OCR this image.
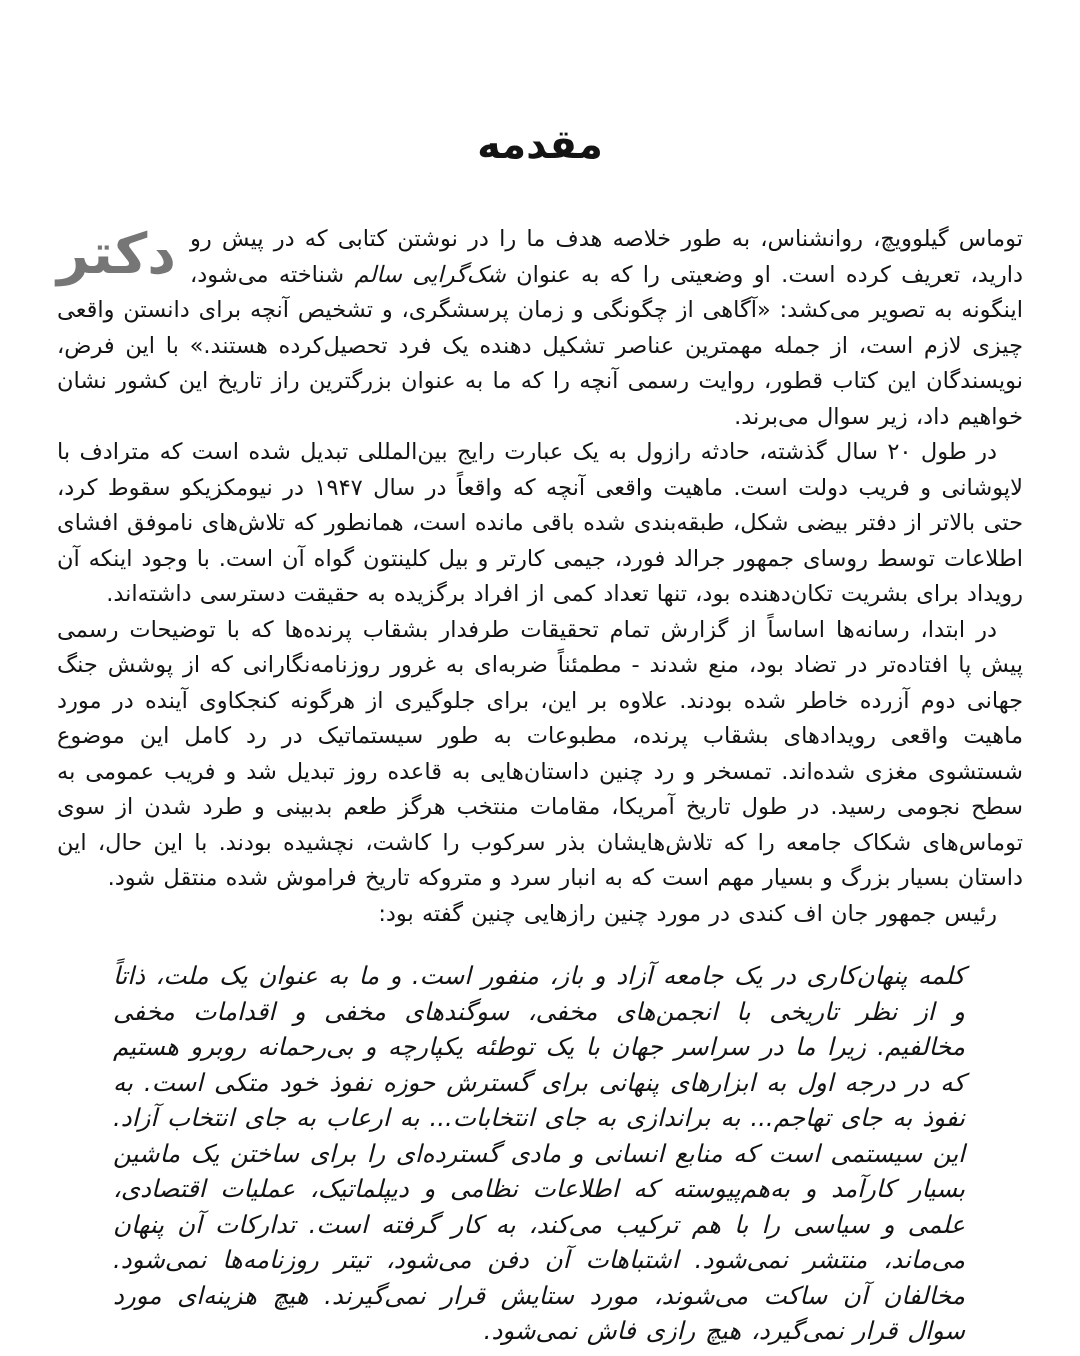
مقدمه

دکتر توماس گیلوویچ، روانشناس، به طور خلاصه هدف ما را در نوشتن کتابی که در پیش رو دارید، تعریف کرده است. او وضعیتی را که به عنوان شک‌گرایی سالم شناخته می‌شود، اینگونه به تصویر می‌کشد: «آگاهی از چگونگی و زمان پرسشگری، و تشخیص آنچه برای دانستن واقعی چیزی لازم است، از جمله مهمترین عناصر تشکیل دهنده یک فرد تحصیل‌کرده هستند.» با این فرض، نویسندگان این کتاب قطور، روایت رسمی آنچه را که ما به عنوان بزرگترین راز تاریخ این کشور نشان خواهیم داد، زیر سوال می‌برند.

در طول ۲۰ سال گذشته، حادثه رازول به یک عبارت رایج بین‌المللی تبدیل شده است که مترادف با لاپوشانی و فریب دولت است. ماهیت واقعی آنچه که واقعاً در سال ۱۹۴۷ در نیومکزیکو سقوط کرد، حتی بالاتر از دفتر بیضی شکل، طبقه‌بندی شده باقی مانده است، همانطور که تلاش‌های ناموفق افشای اطلاعات توسط روسای جمهور جرالد فورد، جیمی کارتر و بیل کلینتون گواه آن است. با وجود اینکه آن رویداد برای بشریت تکان‌دهنده بود، تنها تعداد کمی از افراد برگزیده به حقیقت دسترسی داشته‌اند.

در ابتدا، رسانه‌ها اساساً از گزارش تمام تحقیقات طرفدار بشقاب پرنده‌ها که با توضیحات رسمی پیش پا افتاده‌تر در تضاد بود، منع شدند - مطمئناً ضربه‌ای به غرور روزنامه‌نگارانی که از پوشش جنگ جهانی دوم آزرده خاطر شده بودند. علاوه بر این، برای جلوگیری از هرگونه کنجکاوی آینده در مورد ماهیت واقعی رویدادهای بشقاب پرنده، مطبوعات به طور سیستماتیک در رد کامل این موضوع شستشوی مغزی شده‌اند. تمسخر و رد چنین داستان‌هایی به قاعده روز تبدیل شد و فریب عمومی به سطح نجومی رسید. در طول تاریخ آمریکا، مقامات منتخب هرگز طعم بدبینی و طرد شدن از سوی توماس‌های شکاک جامعه را که تلاش‌هایشان بذر سرکوب را کاشت، نچشیده بودند. با این حال، این داستان بسیار بزرگ و بسیار مهم است که به انبار سرد و متروکه تاریخ فراموش شده منتقل شود.

رئیس جمهور جان اف کندی در مورد چنین رازهایی چنین گفته بود:

کلمه پنهان‌کاری در یک جامعه آزاد و باز، منفور است. و ما به عنوان یک ملت، ذاتاً و از نظر تاریخی با انجمن‌های مخفی، سوگندهای مخفی و اقدامات مخفی مخالفیم. زیرا ما در سراسر جهان با یک توطئه یکپارچه و بی‌رحمانه روبرو هستیم که در درجه اول به ابزارهای پنهانی برای گسترش حوزه نفوذ خود متکی است. به نفوذ به جای تهاجم... به براندازی به جای انتخابات... به ارعاب به جای انتخاب آزاد. این سیستمی است که منابع انسانی و مادی گسترده‌ای را برای ساختن یک ماشین بسیار کارآمد و به‌هم‌پیوسته که اطلاعات نظامی و دیپلماتیک، عملیات اقتصادی، علمی و سیاسی را با هم ترکیب می‌کند، به کار گرفته است. تدارکات آن پنهان می‌ماند، منتشر نمی‌شود. اشتباهات آن دفن می‌شود، تیتر روزنامه‌ها نمی‌شود. مخالفان آن ساکت می‌شوند، مورد ستایش قرار نمی‌گیرند. هیچ هزینه‌ای مورد سوال قرار نمی‌گیرد، هیچ رازی فاش نمی‌شود.
